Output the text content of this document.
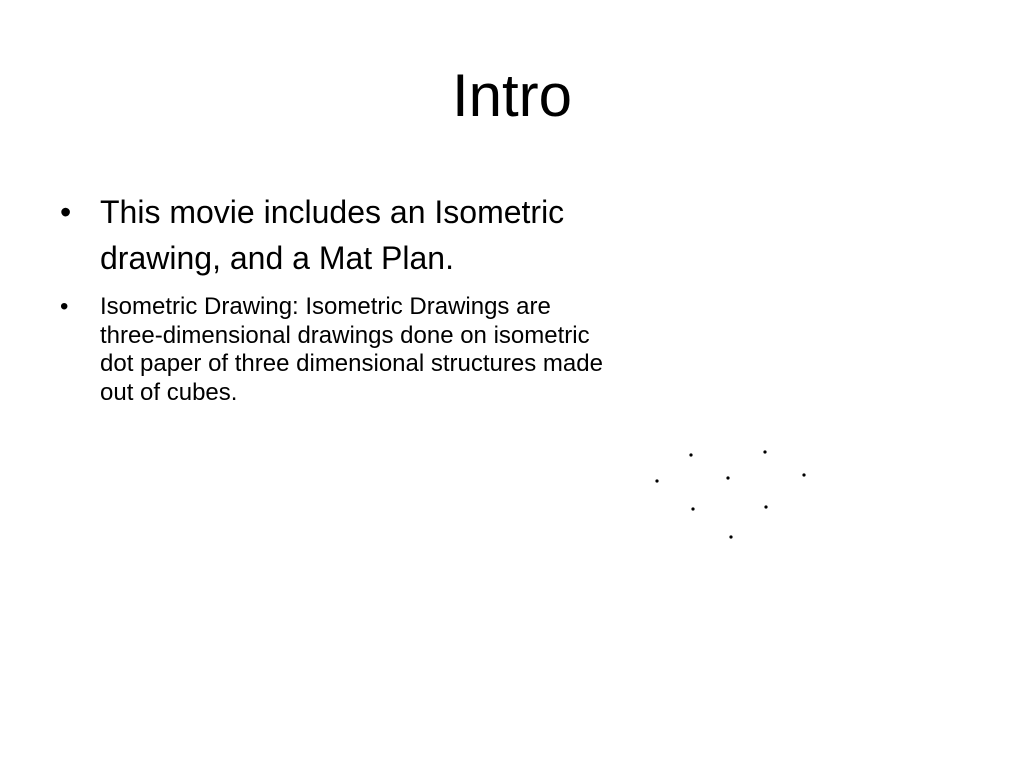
Intro
• This movie includes an Isometric drawing, and a Mat Plan.
• Isometric Drawing: Isometric Drawings are three-dimensional drawings done on isometric dot paper of three dimensional structures made out of cubes.
